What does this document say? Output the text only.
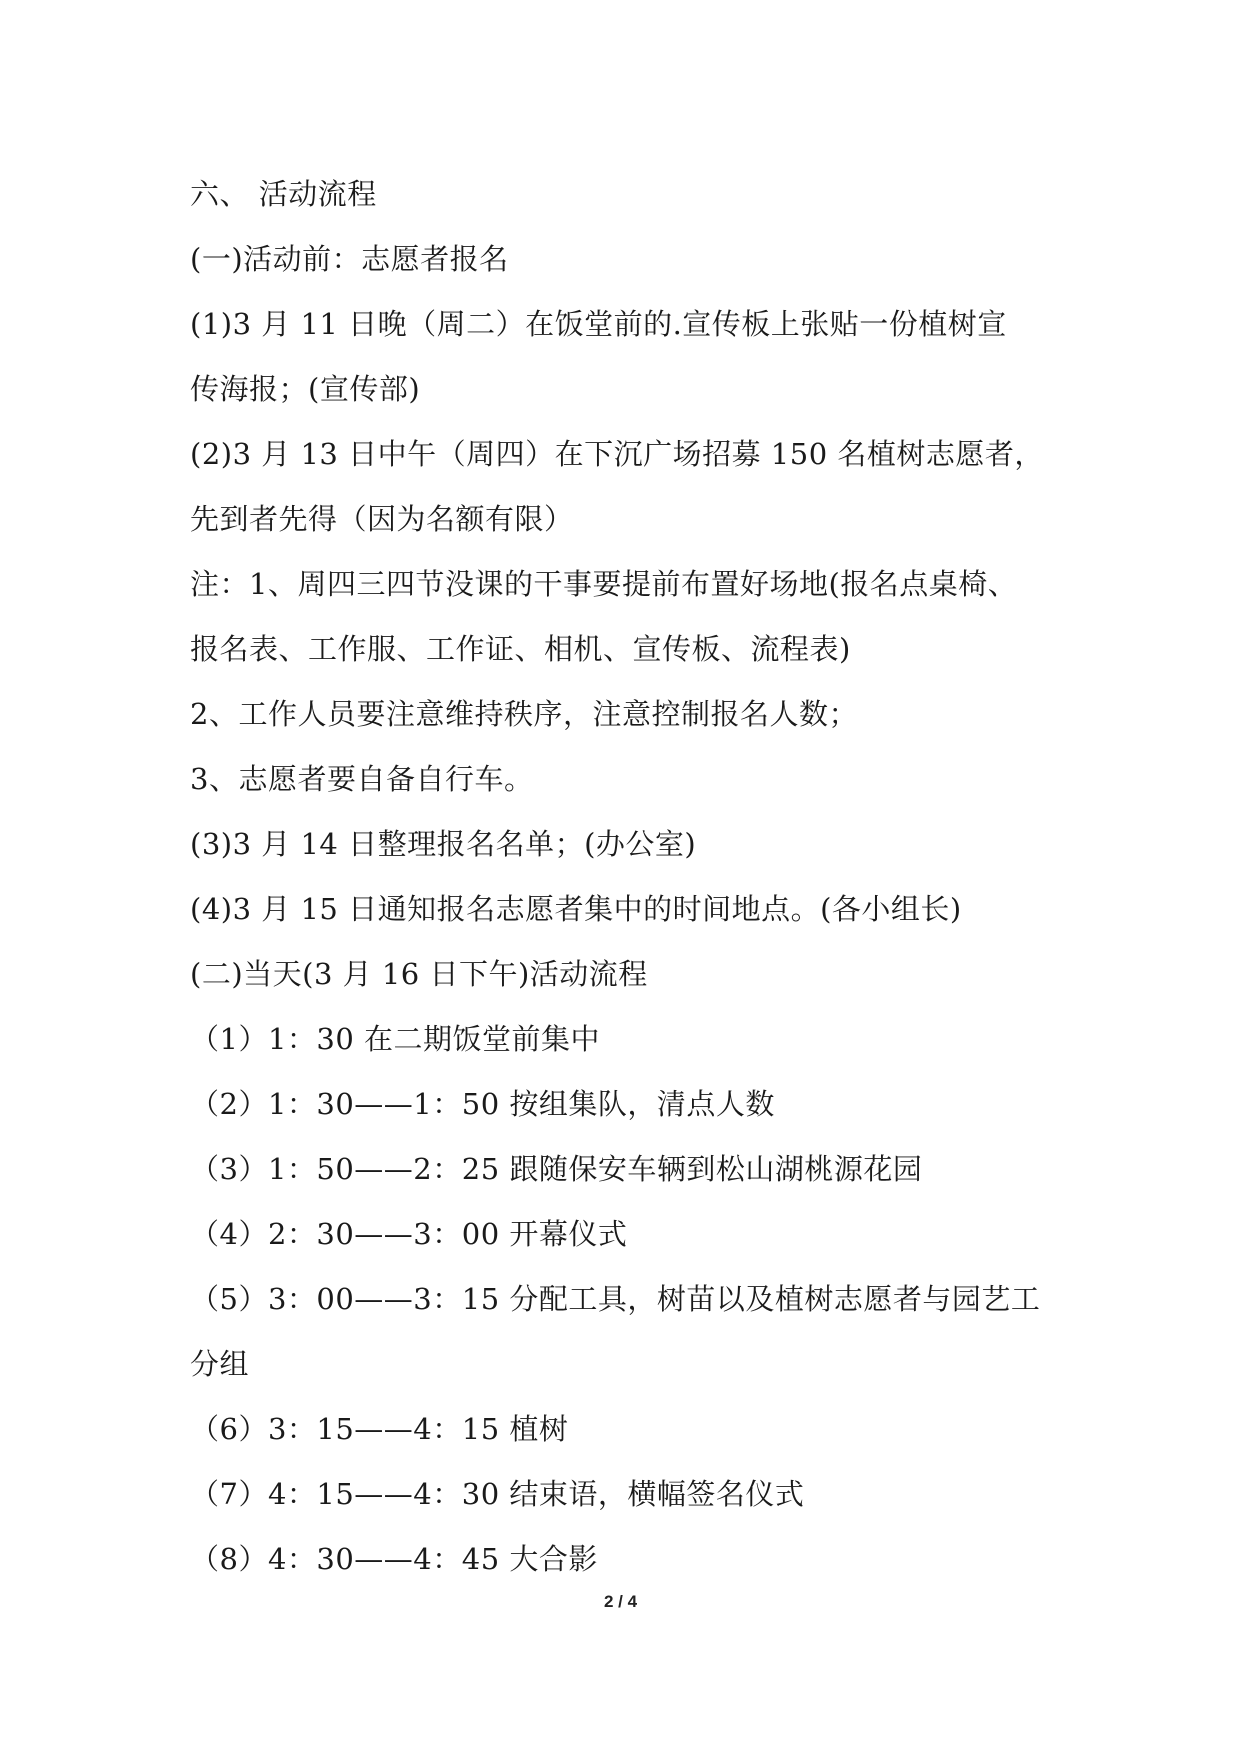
六、 活动流程
(一)活动前：志愿者报名
(1)3 月 11 日晚（周二）在饭堂前的.宣传板上张贴一份植树宣
传海报；(宣传部)
(2)3 月 13 日中午（周四）在下沉广场招募 150 名植树志愿者，
先到者先得（因为名额有限）
注：1、周四三四节没课的干事要提前布置好场地(报名点桌椅、
报名表、工作服、工作证、相机、宣传板、流程表)
2、工作人员要注意维持秩序，注意控制报名人数；
3、志愿者要自备自行车。
(3)3 月 14 日整理报名名单；(办公室)
(4)3 月 15 日通知报名志愿者集中的时间地点。(各小组长)
(二)当天(3 月 16 日下午)活动流程
（1）1：30 在二期饭堂前集中
（2）1：30——1：50 按组集队，清点人数
（3）1：50——2：25 跟随保安车辆到松山湖桃源花园
（4）2：30——3：00 开幕仪式
（5）3：00——3：15 分配工具，树苗以及植树志愿者与园艺工
分组
（6）3：15——4：15 植树
（7）4：15——4：30 结束语，横幅签名仪式
（8）4：30——4：45 大合影
2 / 4
